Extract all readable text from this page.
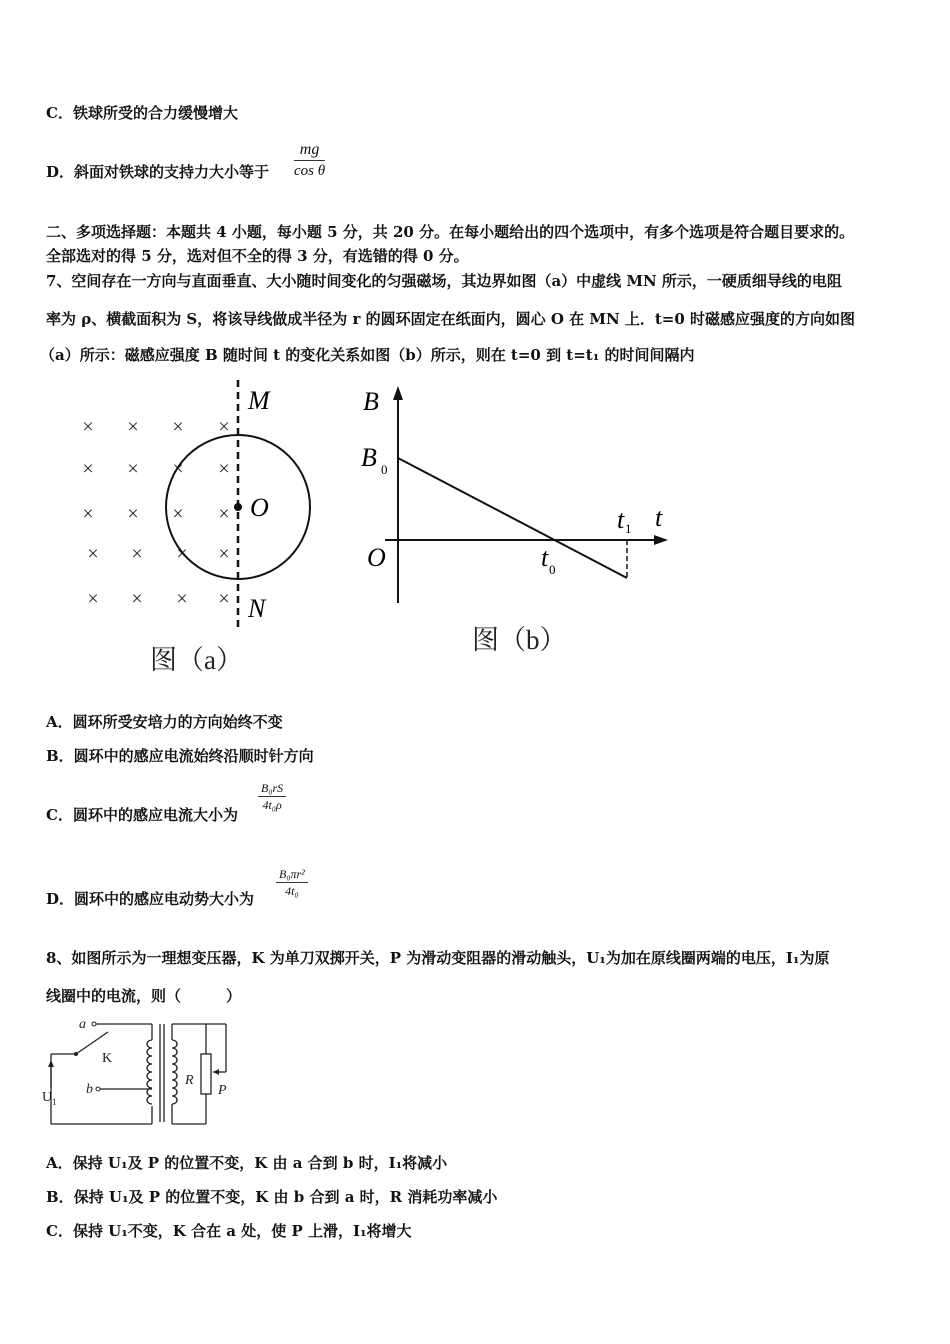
C．铁球所受的合力缓慢增大
D．斜面对铁球的支持力大小等于 $\frac{mg}{\text{cos θ}}$
二、多项选择题：本题共 4 小题，每小题 5 分，共 20 分。在每小题给出的四个选项中，有多个选项是符合题目要求的。
全部选对的得 5 分，选对但不全的得 3 分，有选错的得 0 分。
7、空间存在一方向与直面垂直、大小随时间变化的匀强磁场，其边界如图（a）中虚线 MN 所示，一硬质细导线的电阻
率为 ρ、横截面积为 S，将该导线做成半径为 r 的圆环固定在纸面内，圆心 O 在 MN 上．t=0 时磁感应强度的方向如图
（a）所示：磁感应强度 B 随时间 t 的变化关系如图（b）所示，则在 t=0 到 t=t₁ 的时间间隔内
× × × ×
× × × ×
× × × ×
× × × ×
× × × ×
M
O
N
图（a）
B
B 0
O
t 1 t
t 0
图（b）
A．圆环所受安培力的方向始终不变
B．圆环中的感应电流始终沿顺时针方向
C．圆环中的感应电流大小为
$\frac{\text{B₀rS}}{\text{4t₀ρ}}$
D．圆环中的感应电动势大小为 $\frac{\text{B₀πr²}}{\text{4t₀}}$
8、如图所示为一理想变压器，K 为单刀双掷开关，P 为滑动变阻器的滑动触头，U₁为加在原线圈两端的电压，I₁为原
线圈中的电流，则（　　　）
a
b
R
P
K
U 1
A．保持 U₁及 P 的位置不变，K 由 a 合到 b 时，I₁将减小
B．保持 U₁及 P 的位置不变，K 由 b 合到 a 时，R 消耗功率减小
C．保持 U₁不变，K 合在 a 处，使 P 上滑，I₁将增大
